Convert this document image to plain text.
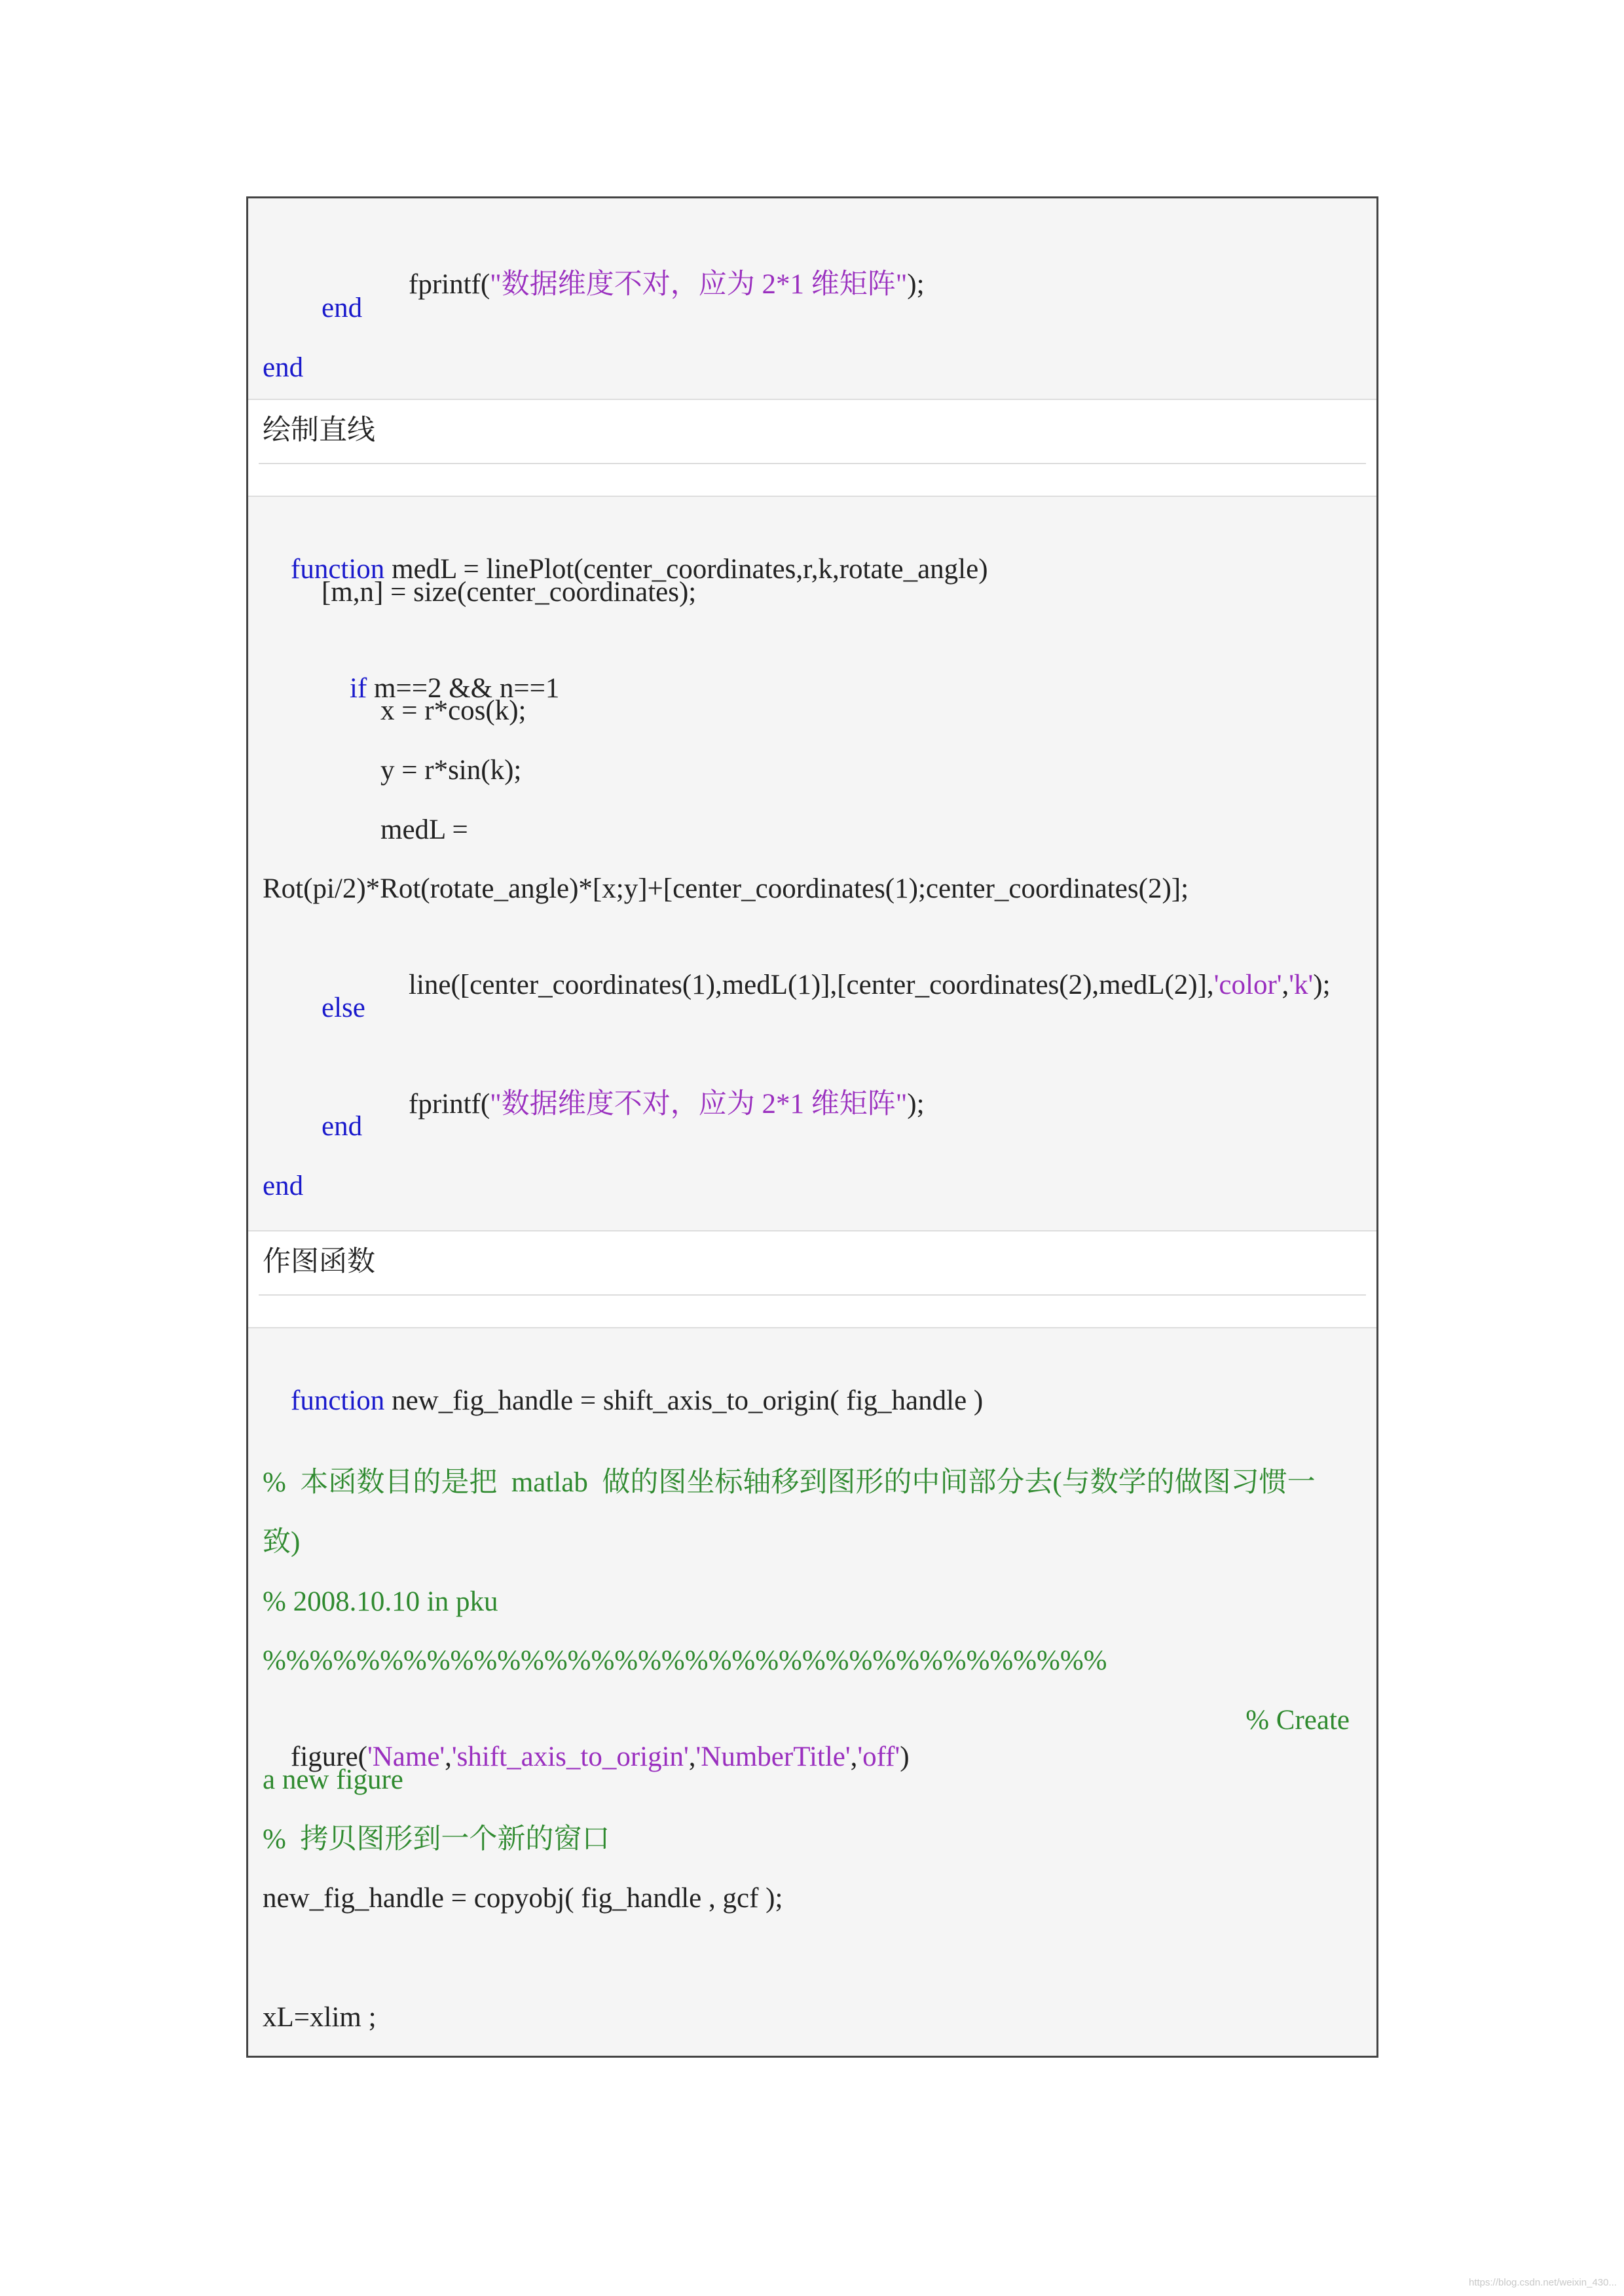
fprintf("数据维度不对，应为 2*1 维矩阵");

end
end
绘制直线

function medL = linePlot(center_coordinates,r,k,rotate_angle)

[m,n] = size(center_coordinates);

if m==2 && n==1

x = r*cos(k);
y = r*sin(k);
medL =
Rot(pi/2)*Rot(rotate_angle)*[x;y]+[center_coordinates(1);center_coordinates(2)];

line([center_coordinates(1),medL(1)],[center_coordinates(2),medL(2)],'color','k');

else

fprintf("数据维度不对，应为 2*1 维矩阵");

end
end
作图函数

function new_fig_handle = shift_axis_to_origin( fig_handle )

%  本函数目的是把  matlab  做的图坐标轴移到图形的中间部分去(与数学的做图习惯一
致)
% 2008.10.10 in pku
%%%%%%%%%%%%%%%%%%%%%%%%%%%%%%%%%%%%

figure('Name','shift_axis_to_origin','NumberTitle','off')

% Create

a new figure
%  拷贝图形到一个新的窗口
new_fig_handle = copyobj( fig_handle , gcf );
xL=xlim ;
https://blog.csdn.net/weixin_430...
